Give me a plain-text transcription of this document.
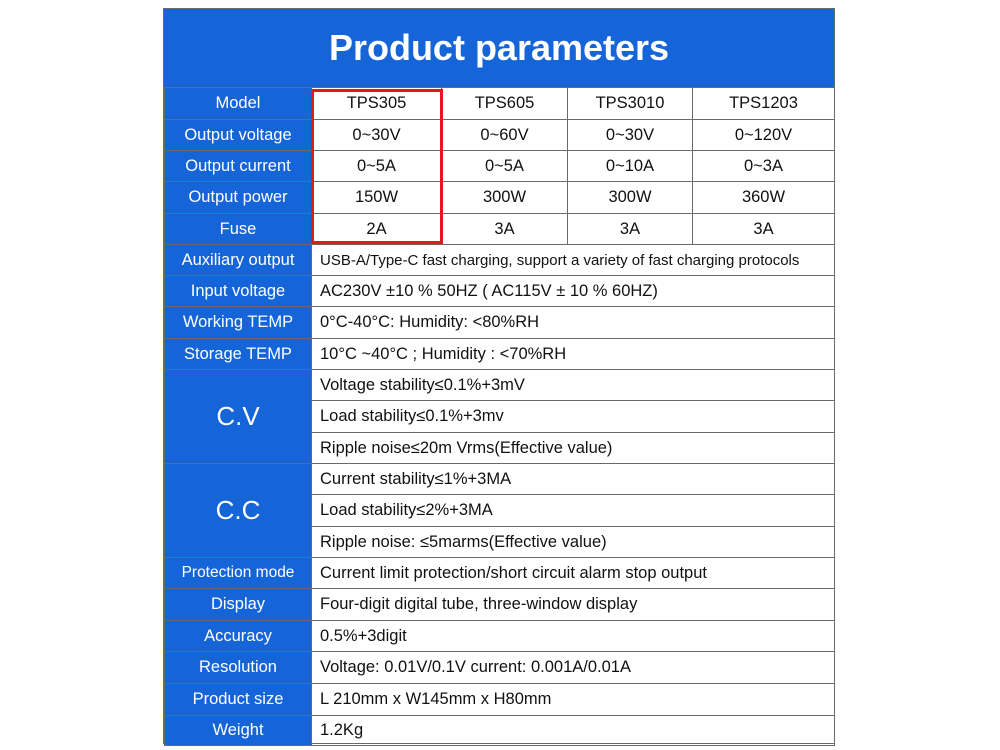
Product parameters
Model	TPS305	TPS605	TPS3010	TPS1203
Output voltage	0~30V	0~60V	0~30V	0~120V
Output current	0~5A	0~5A	0~10A	0~3A
Output power	150W	300W	300W	360W
Fuse	2A	3A	3A	3A
Auxiliary output	USB-A/Type-C fast charging, support a variety of fast charging protocols			
Input voltage	AC230V ±10 % 50HZ ( AC115V ± 10 % 60HZ)			
Working TEMP	0°C-40°C: Humidity: <80%RH			
Storage TEMP	10°C ~40°C ; Humidity : <70%RH			
C.V	Voltage stability≤0.1%+3mV			
	Load stability≤0.1%+3mv			
	Ripple noise≤20m Vrms(Effective value)			
C.C	Current stability≤1%+3MA			
	Load stability≤2%+3MA			
	Ripple noise: ≤5marms(Effective value)			
Protection mode	Current limit protection/short circuit alarm stop output			
Display	Four-digit digital tube, three-window display			
Accuracy	0.5%+3digit			
Resolution	Voltage: 0.01V/0.1V current: 0.001A/0.01A			
Product size	L 210mm x W145mm x H80mm			
Weight	1.2Kg			
